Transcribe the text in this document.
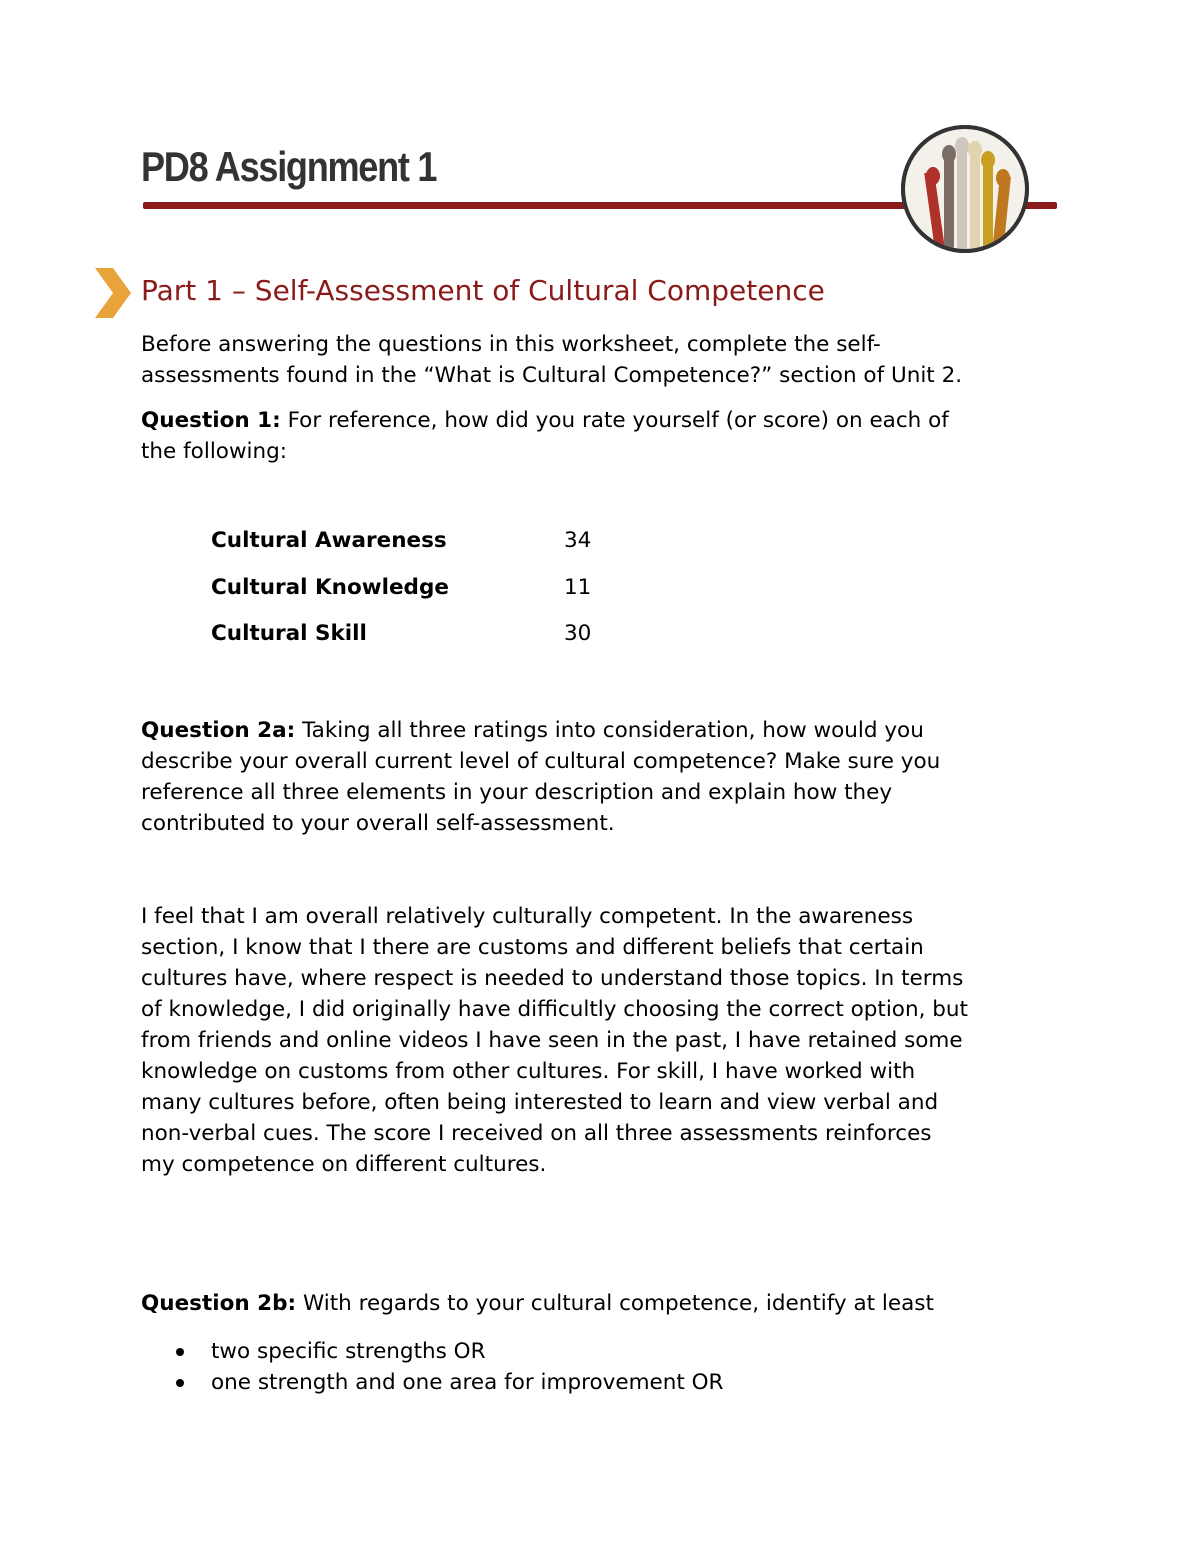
PD8 Assignment 1
Part 1 – Self-Assessment of Cultural Competence
Before answering the questions in this worksheet, complete the self-
assessments found in the “What is Cultural Competence?” section of Unit 2.
Question 1: For reference, how did you rate yourself (or score) on each of
the following:
Cultural Awareness	34
Cultural Knowledge	11
Cultural Skill	30
Question 2a: Taking all three ratings into consideration, how would you
describe your overall current level of cultural competence? Make sure you
reference all three elements in your description and explain how they
contributed to your overall self-assessment.
I feel that I am overall relatively culturally competent. In the awareness
section, I know that I there are customs and different beliefs that certain
cultures have, where respect is needed to understand those topics. In terms
of knowledge, I did originally have difficultly choosing the correct option, but
from friends and online videos I have seen in the past, I have retained some
knowledge on customs from other cultures. For skill, I have worked with
many cultures before, often being interested to learn and view verbal and
non-verbal cues. The score I received on all three assessments reinforces
my competence on different cultures.
Question 2b: With regards to your cultural competence, identify at least
two specific strengths OR
one strength and one area for improvement OR
